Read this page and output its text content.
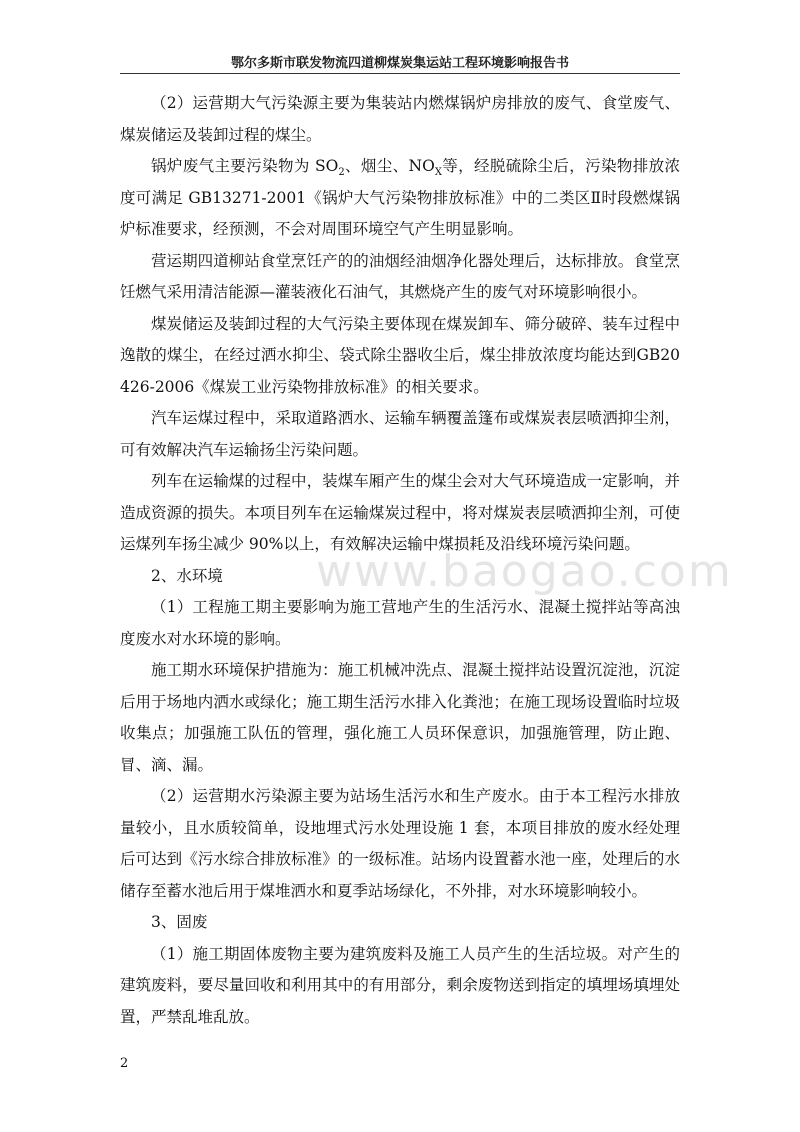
鄂尔多斯市联发物流四道柳煤炭集运站工程环境影响报告书

（2）运营期大气污染源主要为集装站内燃煤锅炉房排放的废气、食堂废气、煤炭储运及装卸过程的煤尘。

锅炉废气主要污染物为 $SO_2$、烟尘、$NO_X$等，经脱硫除尘后，污染物排放浓度可满足 GB13271-2001《锅炉大气污染物排放标准》中的二类区Ⅱ时段燃煤锅炉标准要求，经预测，不会对周围环境空气产生明显影响。

营运期四道柳站食堂烹饪产的的油烟经油烟净化器处理后，达标排放。食堂烹饪燃气采用清洁能源—灌装液化石油气，其燃烧产生的废气对环境影响很小。

煤炭储运及装卸过程的大气污染主要体现在煤炭卸车、筛分破碎、装车过程中逸散的煤尘，在经过洒水抑尘、袋式除尘器收尘后，煤尘排放浓度均能达到GB20426-2006《煤炭工业污染物排放标准》的相关要求。

汽车运煤过程中，采取道路洒水、运输车辆覆盖篷布或煤炭表层喷洒抑尘剂，可有效解决汽车运输扬尘污染问题。

列车在运输煤的过程中，装煤车厢产生的煤尘会对大气环境造成一定影响，并造成资源的损失。本项目列车在运输煤炭过程中，将对煤炭表层喷洒抑尘剂，可使运煤列车扬尘减少 90%以上，有效解决运输中煤损耗及沿线环境污染问题。

2、水环境

（1）工程施工期主要影响为施工营地产生的生活污水、混凝土搅拌站等高浊度废水对水环境的影响。

施工期水环境保护措施为：施工机械冲洗点、混凝土搅拌站设置沉淀池，沉淀后用于场地内洒水或绿化；施工期生活污水排入化粪池；在施工现场设置临时垃圾收集点；加强施工队伍的管理，强化施工人员环保意识，加强施管理，防止跑、冒、滴、漏。

（2）运营期水污染源主要为站场生活污水和生产废水。由于本工程污水排放量较小，且水质较简单，设地埋式污水处理设施 1 套，本项目排放的废水经处理后可达到《污水综合排放标准》的一级标准。站场内设置蓄水池一座，处理后的水储存至蓄水池后用于煤堆洒水和夏季站场绿化，不外排，对水环境影响较小。

3、固废

（1）施工期固体废物主要为建筑废料及施工人员产生的生活垃圾。对产生的建筑废料，要尽量回收和利用其中的有用部分，剩余废物送到指定的填埋场填埋处置，严禁乱堆乱放。

www.baogao.com
2
